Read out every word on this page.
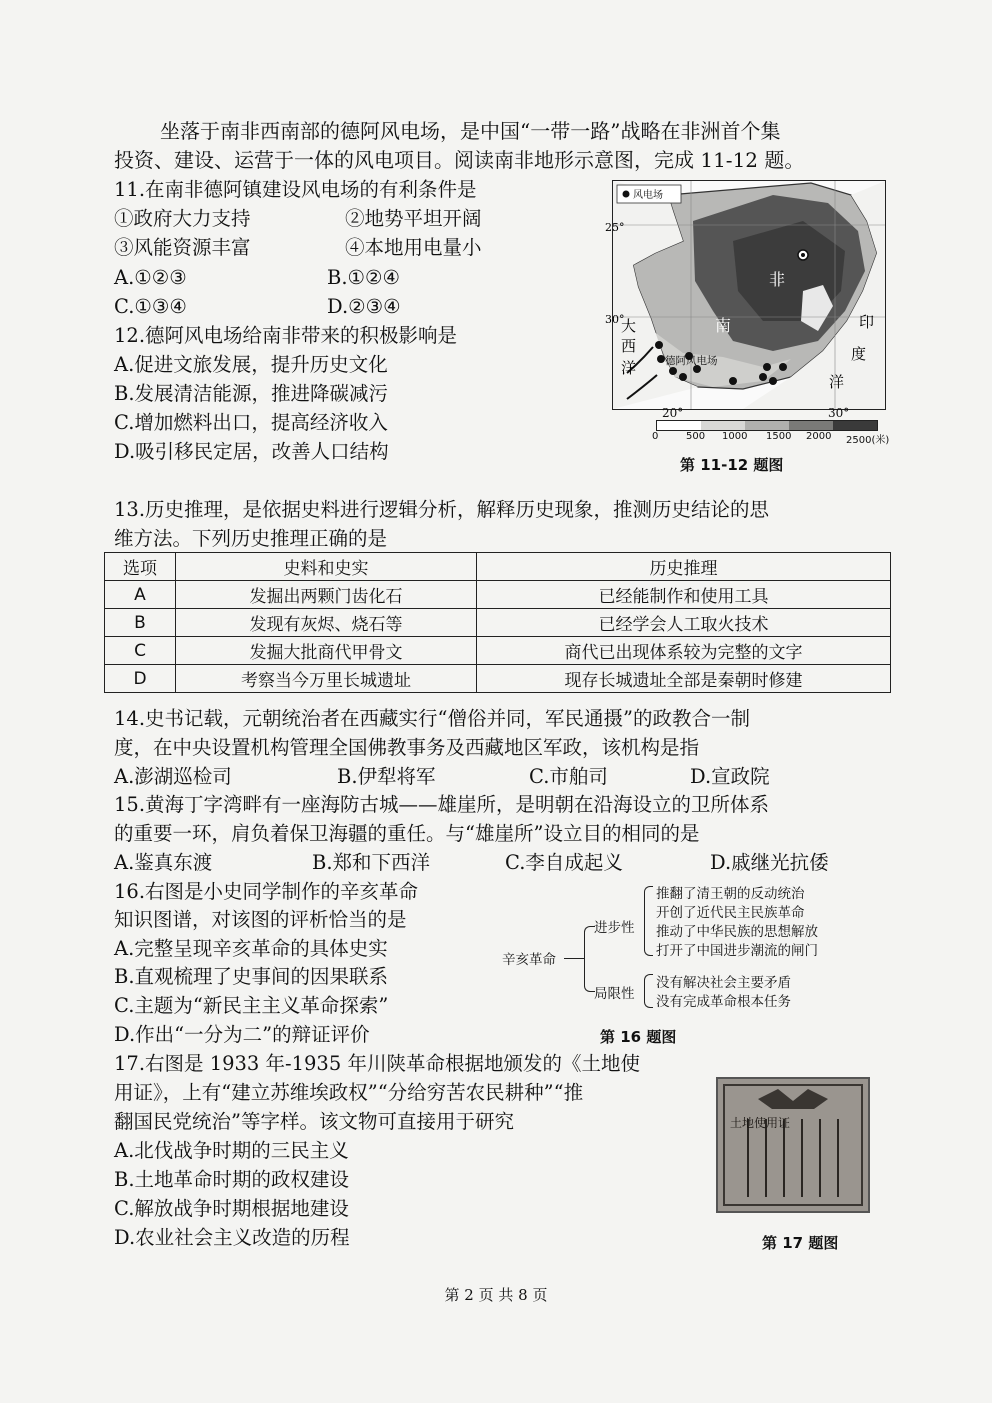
坐落于南非西南部的德阿风电场，是中国“一带一路”战略在非洲首个集
投资、建设、运营于一体的风电项目。阅读南非地形示意图，完成 11-12 题。
11.在南非德阿镇建设风电场的有利条件是
①政府大力支持	②地势平坦开阔
③风能资源丰富	④本地用电量小
A.①②③	B.①②④
C.①③④	D.②③④
12.德阿风电场给南非带来的积极影响是
A.促进文旅发展，提升历史文化
B.发展清洁能源，推进降碳减污
C.增加燃料出口，提高经济收入
D.吸引移民定居，改善人口结构
风电场
25°
30°
非
南
大
西
洋
印
度
洋
德阿风电场
20°	30°
0	500 1000 1500 2000 2500(米)
第 11-12 题图
13.历史推理，是依据史料进行逻辑分析，解释历史现象，推测历史结论的思
维方法。下列历史推理正确的是
选项	史料和史实	历史推理
A	发掘出两颗门齿化石	已经能制作和使用工具
B	发现有灰烬、烧石等	已经学会人工取火技术
C	发掘大批商代甲骨文	商代已出现体系较为完整的文字
D	考察当今万里长城遗址	现存长城遗址全部是秦朝时修建
14.史书记载，元朝统治者在西藏实行“僧俗并同，军民通摄”的政教合一制
度，在中央设置机构管理全国佛教事务及西藏地区军政，该机构是指
A.澎湖巡检司	B.伊犁将军	C.市舶司	D.宣政院
15.黄海丁字湾畔有一座海防古城——雄崖所，是明朝在沿海设立的卫所体系
的重要一环，肩负着保卫海疆的重任。与“雄崖所”设立目的相同的是
A.鉴真东渡	B.郑和下西洋	C.李自成起义	D.戚继光抗倭
16.右图是小史同学制作的辛亥革命
知识图谱，对该图的评析恰当的是
A.完整呈现辛亥革命的具体史实
B.直观梳理了史事间的因果联系
C.主题为“新民主主义革命探索”
D.作出“一分为二”的辩证评价
辛亥革命
进步性
局限性
推翻了清王朝的反动统治
开创了近代民主民族革命
推动了中华民族的思想解放
打开了中国进步潮流的闸门
没有解决社会主要矛盾
没有完成革命根本任务
第 16 题图
17.右图是 1933 年-1935 年川陕革命根据地颁发的《土地使
用证》，上有“建立苏维埃政权”“分给穷苦农民耕种”“推
翻国民党统治”等字样。该文物可直接用于研究
A.北伐战争时期的三民主义
B.土地革命时期的政权建设
C.解放战争时期根据地建设
D.农业社会主义改造的历程
土地使用证
第 17 题图
第 2 页 共 8 页
